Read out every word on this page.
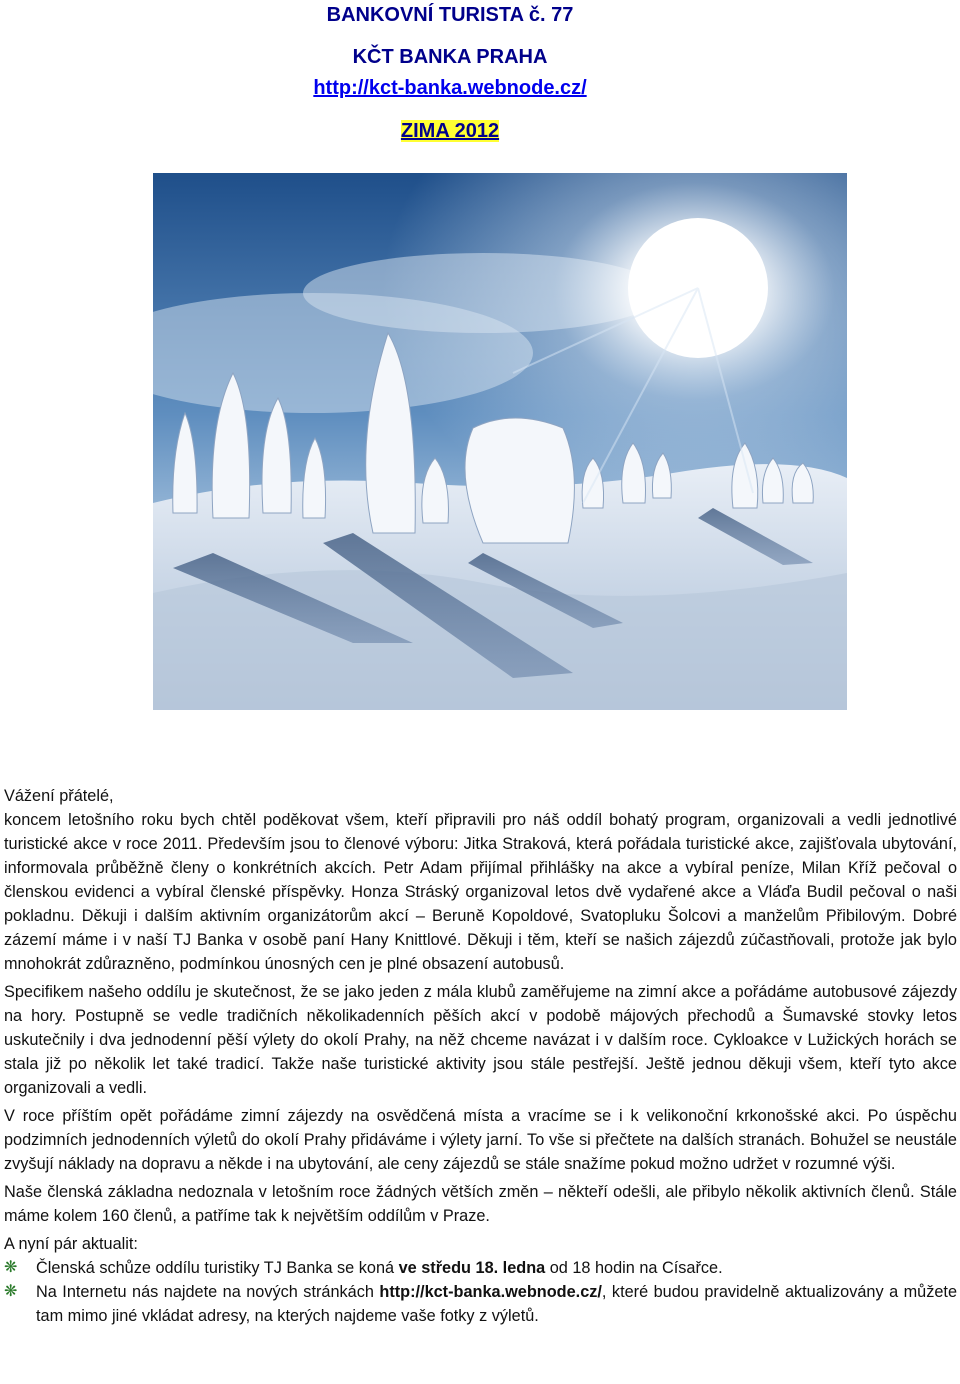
BANKOVNÍ TURISTA č. 77
KČT BANKA PRAHA
http://kct-banka.webnode.cz/
ZIMA 2012

Vážení přátelé,

koncem letošního roku bych chtěl poděkovat všem, kteří připravili pro náš oddíl bohatý program, organizovali a vedli jednotlivé turistické akce v roce 2011. Především jsou to členové výboru: Jitka Straková, která pořádala turistické akce, zajišťovala ubytování, informovala průběžně členy o konkrétních akcích. Petr Adam přijímal přihlášky na akce a vybíral peníze, Milan Kříž pečoval o členskou evidenci a vybíral členské příspěvky. Honza Stráský organizoval letos dvě vydařené akce a Vláďa Budil pečoval o naši pokladnu. Děkuji i dalším aktivním organizátorům akcí – Beruně Kopoldové, Svatopluku Šolcovi a manželům Přibilovým. Dobré zázemí máme i v naší TJ Banka v osobě paní Hany Knittlové. Děkuji i těm, kteří se našich zájezdů zúčastňovali, protože jak bylo mnohokrát zdůrazněno, podmínkou únosných cen je plné obsazení autobusů.

Specifikem našeho oddílu je skutečnost, že se jako jeden z mála klubů zaměřujeme na zimní akce a pořádáme autobusové zájezdy na hory. Postupně se vedle tradičních několikadenních pěších akcí v podobě májových přechodů a Šumavské stovky letos uskutečnily i dva jednodenní pěší výlety do okolí Prahy, na něž chceme navázat i v dalším roce. Cykloakce v Lužických horách se stala již po několik let také tradicí. Takže naše turistické aktivity jsou stále pestřejší. Ještě jednou děkuji všem, kteří tyto akce organizovali a vedli.

V roce příštím opět pořádáme zimní zájezdy na osvědčená místa a vracíme se i k velikonoční krkonošské akci. Po úspěchu podzimních jednodenních výletů do okolí Prahy přidáváme i výlety jarní. To vše si přečtete na dalších stranách. Bohužel se neustále zvyšují náklady na dopravu a někde i na ubytování, ale ceny zájezdů se stále snažíme pokud možno udržet v rozumné výši.

Naše členská základna nedoznala v letošním roce žádných větších změn – někteří odešli, ale přibylo několik aktivních členů. Stále máme kolem 160 členů, a patříme tak k největším oddílům v Praze.

A nyní pár aktualit:

❋	Členská schůze oddílu turistiky TJ Banka se koná ve středu 18. ledna od 18 hodin na Císařce.
❋	Na Internetu nás najdete na nových stránkách http://kct-banka.webnode.cz/, které budou pravidelně aktualizovány a můžete tam mimo jiné vkládat adresy, na kterých najdeme vaše fotky z výletů.
